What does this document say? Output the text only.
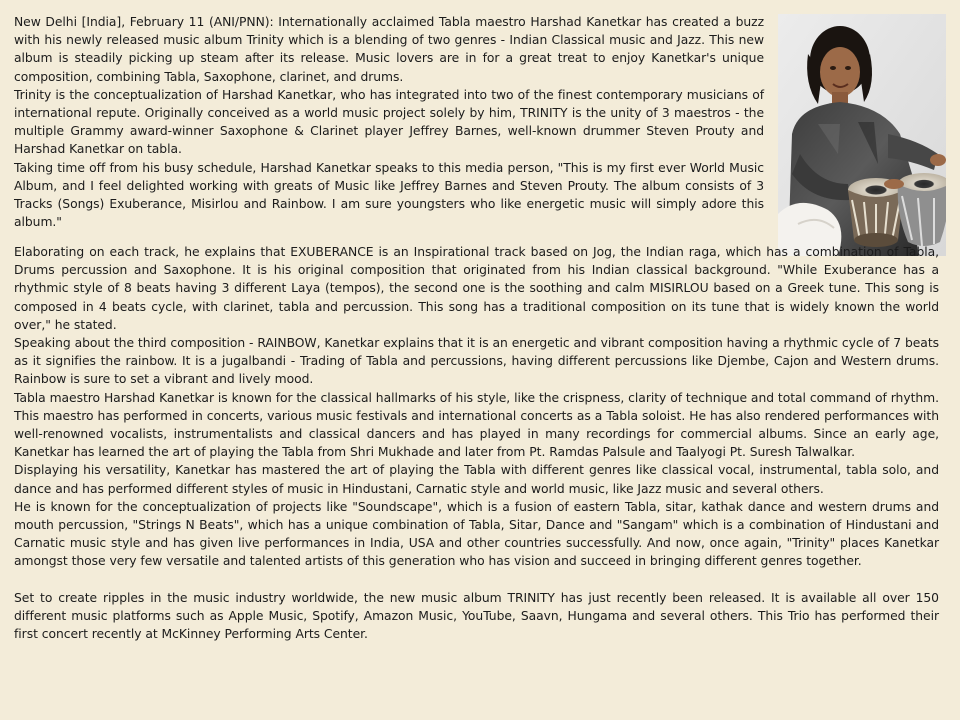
New Delhi [India], February 11 (ANI/PNN): Internationally acclaimed Tabla maestro Harshad Kanetkar has created a buzz with his newly released music album Trinity which is a blending of two genres - Indian Classical music and Jazz. This new album is steadily picking up steam after its release. Music lovers are in for a great treat to enjoy Kanetkar's unique composition, combining Tabla, Saxophone, clarinet, and drums.

Trinity is the conceptualization of Harshad Kanetkar, who has integrated into two of the finest contemporary musicians of international repute. Originally conceived as a world music project solely by him, TRINITY is the unity of 3 maestros - the multiple Grammy award-winner Saxophone & Clarinet player Jeffrey Barnes, well-known drummer Steven Prouty and Harshad Kanetkar on tabla.

Taking time off from his busy schedule, Harshad Kanetkar speaks to this media person, "This is my first ever World Music Album, and I feel delighted working with greats of Music like Jeffrey Barnes and Steven Prouty. The album consists of 3 Tracks (Songs) Exuberance, Misirlou and Rainbow. I am sure youngsters who like energetic music will simply adore this album."

Elaborating on each track, he explains that EXUBERANCE is an Inspirational track based on Jog, the Indian raga, which has a combination of Tabla, Drums percussion and Saxophone. It is his original composition that originated from his Indian classical background. "While Exuberance has a rhythmic style of 8 beats having 3 different Laya (tempos), the second one is the soothing and calm MISIRLOU based on a Greek tune. This song is composed in 4 beats cycle, with clarinet, tabla and percussion. This song has a traditional composition on its tune that is widely known the world over," he stated.

Speaking about the third composition - RAINBOW, Kanetkar explains that it is an energetic and vibrant composition having a rhythmic cycle of 7 beats as it signifies the rainbow. It is a jugalbandi - Trading of Tabla and percussions, having different percussions like Djembe, Cajon and Western drums. Rainbow is sure to set a vibrant and lively mood.

Tabla maestro Harshad Kanetkar is known for the classical hallmarks of his style, like the crispness, clarity of technique and total command of rhythm. This maestro has performed in concerts, various music festivals and international concerts as a Tabla soloist. He has also rendered performances with well-renowned vocalists, instrumentalists and classical dancers and has played in many recordings for commercial albums. Since an early age, Kanetkar has learned the art of playing the Tabla from Shri Mukhade and later from Pt. Ramdas Palsule and Taalyogi Pt. Suresh Talwalkar.

Displaying his versatility, Kanetkar has mastered the art of playing the Tabla with different genres like classical vocal, instrumental, tabla solo, and dance and has performed different styles of music in Hindustani, Carnatic style and world music, like Jazz music and several others.

He is known for the conceptualization of projects like "Soundscape", which is a fusion of eastern Tabla, sitar, kathak dance and western drums and mouth percussion, "Strings N Beats", which has a unique combination of Tabla, Sitar, Dance and "Sangam" which is a combination of Hindustani and Carnatic music style and has given live performances in India, USA and other countries successfully. And now, once again, "Trinity" places Kanetkar amongst those very few versatile and talented artists of this generation who has vision and succeed in bringing different genres together.

Set to create ripples in the music industry worldwide, the new music album TRINITY has just recently been released. It is available all over 150 different music platforms such as Apple Music, Spotify, Amazon Music, YouTube, Saavn, Hungama and several others. This Trio has performed their first concert recently at McKinney Performing Arts Center.
